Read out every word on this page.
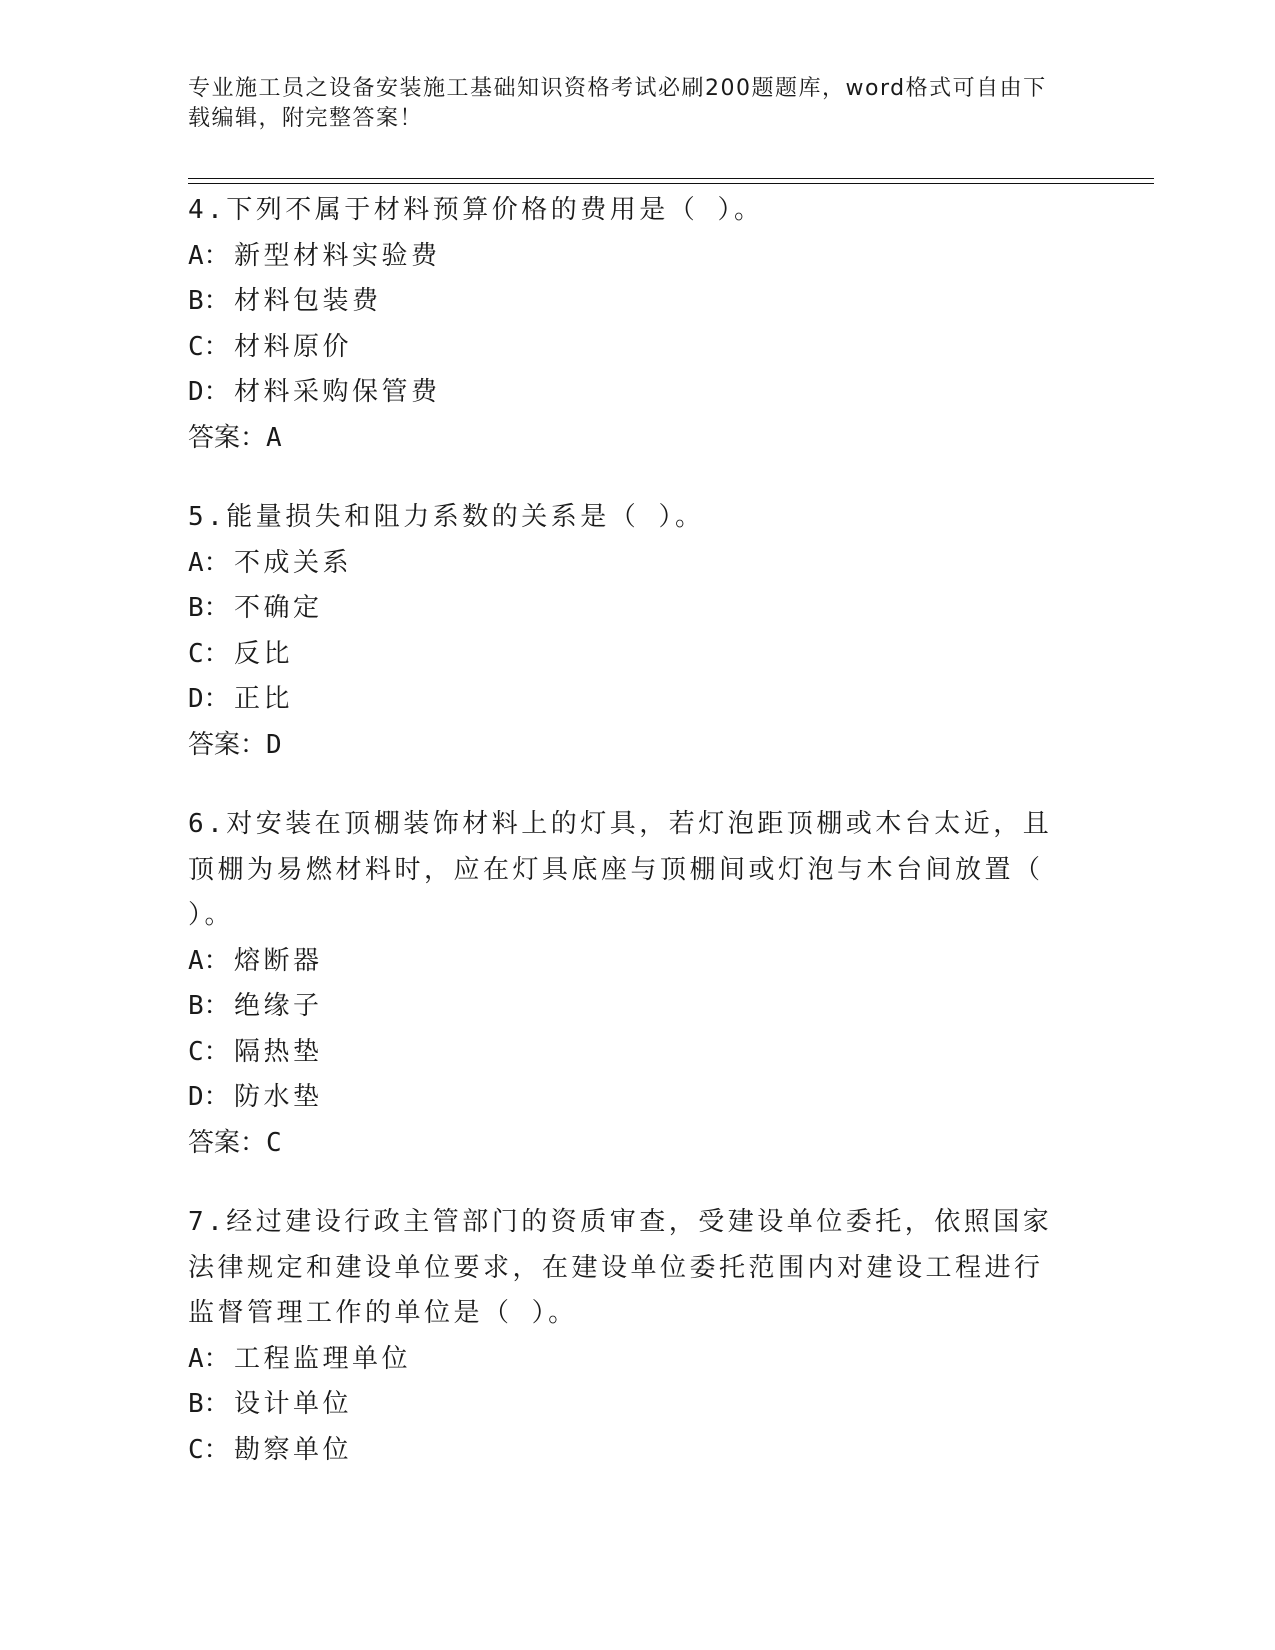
专业施工员之设备安装施工基础知识资格考试必刷200题题库，word格式可自由下载编辑，附完整答案！

4.下列不属于材料预算价格的费用是（ ）。

A： 新型材料实验费

B： 材料包装费

C： 材料原价

D： 材料采购保管费

答案：A

5.能量损失和阻力系数的关系是（ ）。

A： 不成关系

B： 不确定

C： 反比

D： 正比

答案：D

6.对安装在顶棚装饰材料上的灯具，若灯泡距顶棚或木台太近，且顶棚为易燃材料时，应在灯具底座与顶棚间或灯泡与木台间放置（ ）。

A： 熔断器

B： 绝缘子

C： 隔热垫

D： 防水垫

答案：C

7.经过建设行政主管部门的资质审查，受建设单位委托，依照国家法律规定和建设单位要求，在建设单位委托范围内对建设工程进行监督管理工作的单位是（ ）。

A： 工程监理单位

B： 设计单位

C： 勘察单位
